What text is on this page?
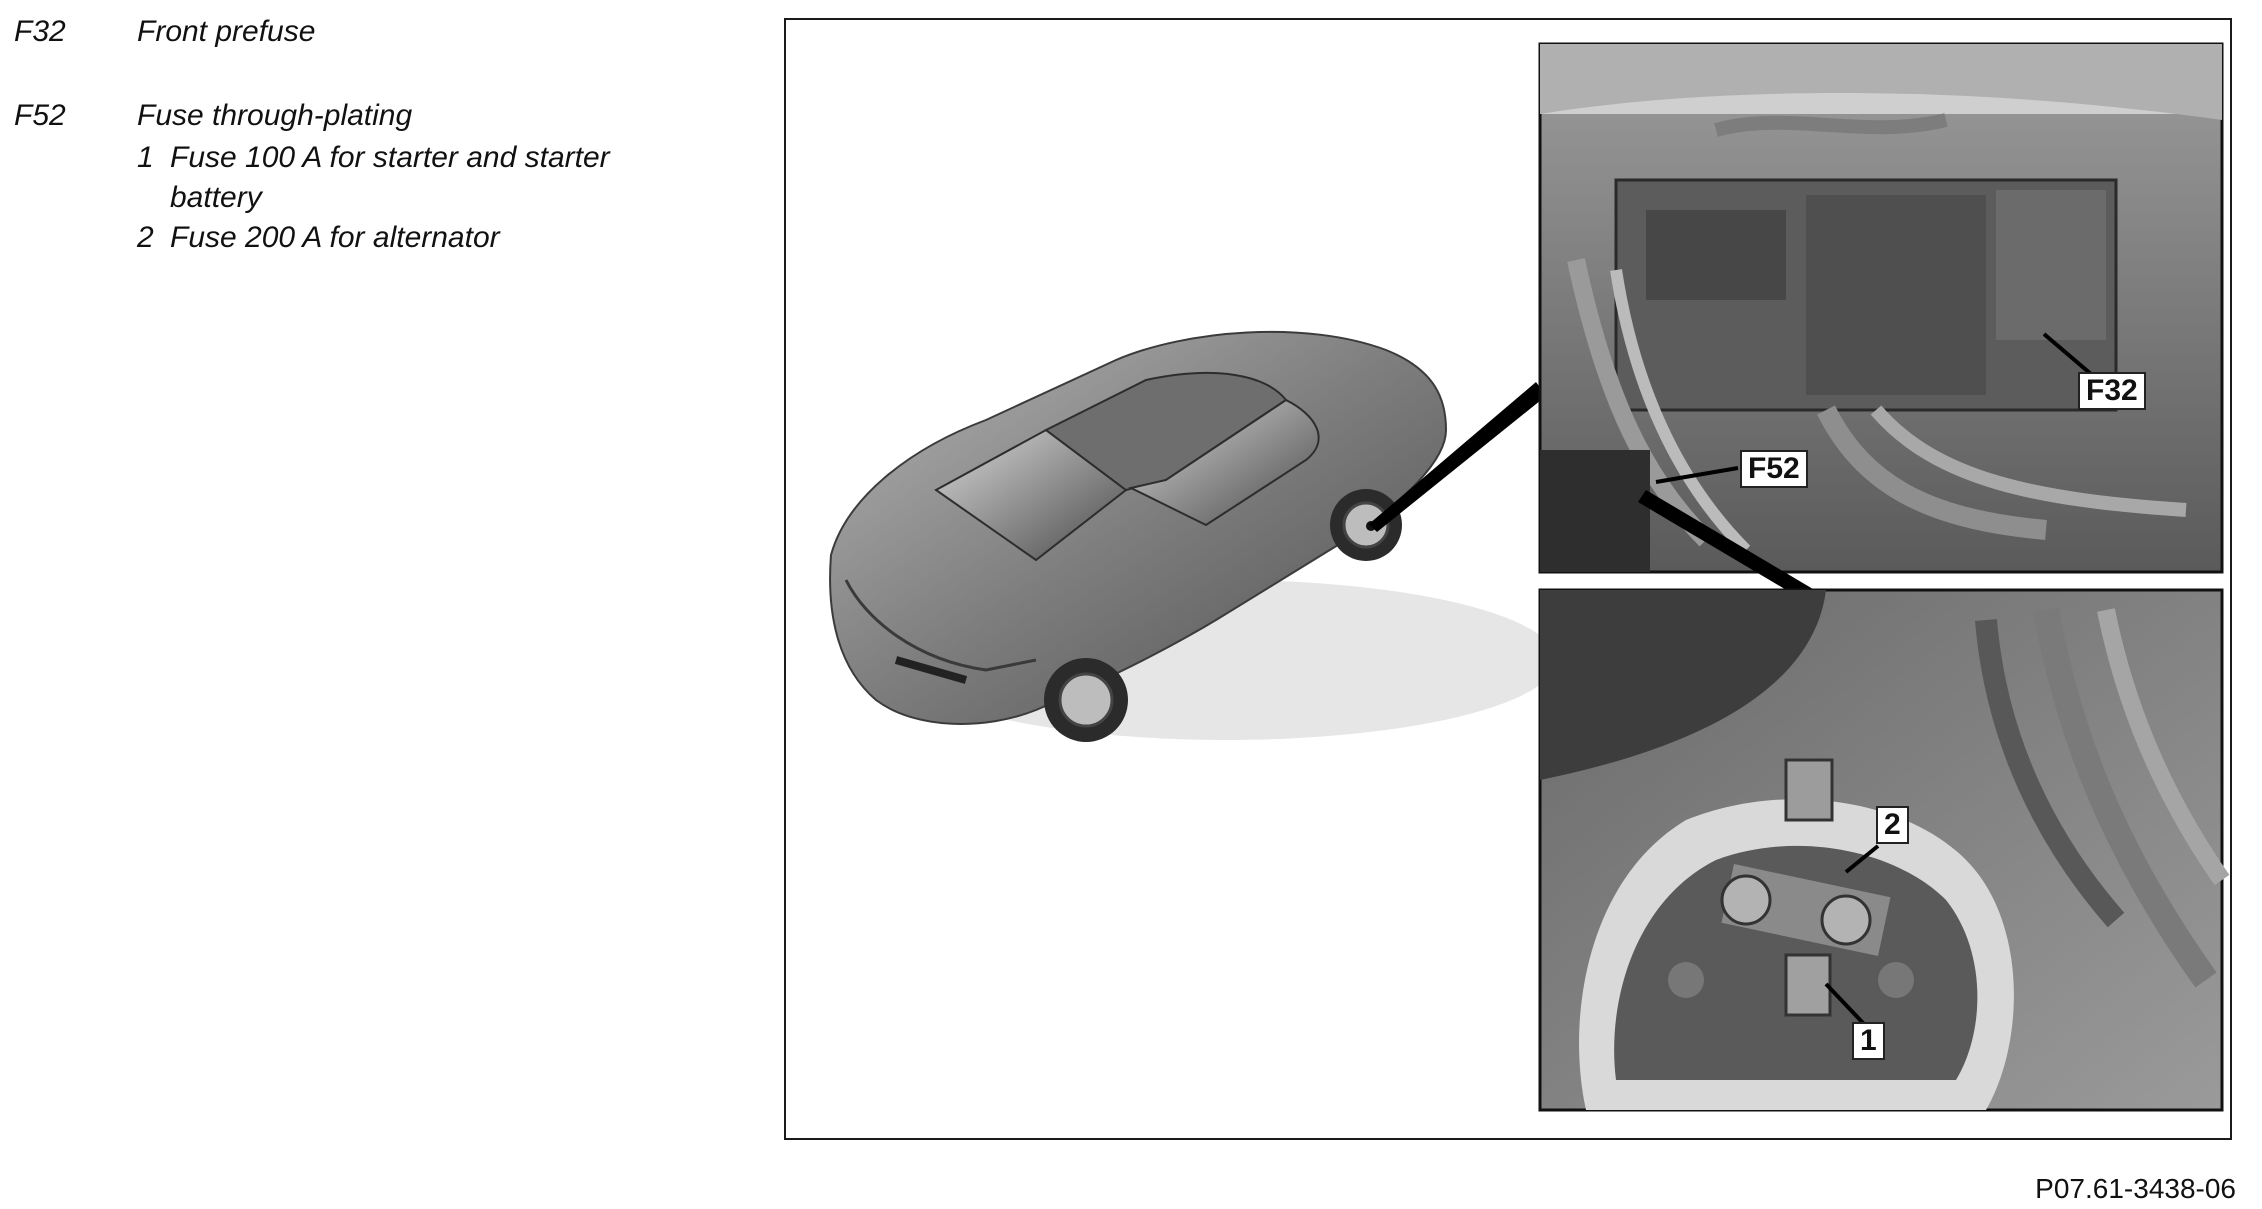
F32 Front prefuse
F52 Fuse through-plating
1 Fuse 100 A for starter and starter battery
2 Fuse 200 A for alternator
F32
F52
2
1
P07.61-3438-06
